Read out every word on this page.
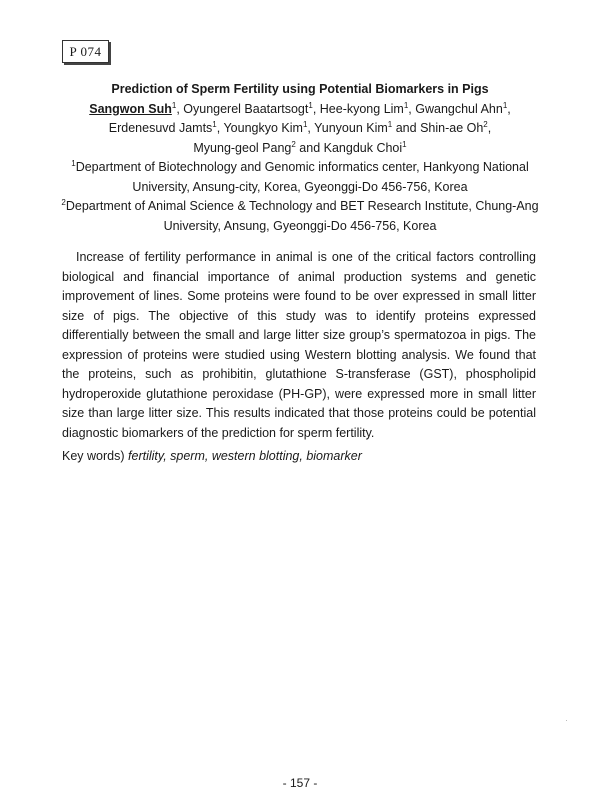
P 074
Prediction of Sperm Fertility using Potential Biomarkers in Pigs
Sangwon Suh$^1$, Oyungerel Baatartsogt$^1$, Hee-kyong Lim$^1$, Gwangchul Ahn$^1$,
Erdenesuvd Jamts$^1$, Youngkyo Kim$^1$, Yunyoun Kim$^1$ and Shin-ae Oh$^2$,
Myung-geol Pang$^2$ and Kangduk Choi$^1$
$^1$Department of Biotechnology and Genomic informatics center, Hankyong National
University, Ansung-city, Korea, Gyeonggi-Do 456-756, Korea
$^2$Department of Animal Science & Technology and BET Research Institute, Chung-Ang
University, Ansung, Gyeonggi-Do 456-756, Korea

Increase of fertility performance in animal is one of the critical factors controlling biological and financial importance of animal production systems and genetic improvement of lines. Some proteins were found to be over expressed in small litter size of pigs. The objective of this study was to identify proteins expressed differentially between the small and large litter size group’s spermatozoa in pigs. The expression of proteins were studied using Western blotting analysis. We found that the proteins, such as prohibitin, glutathione S-transferase (GST), phospholipid hydroperoxide glutathione peroxidase (PH-GP), were expressed more in small litter size than large litter size. This results indicated that those proteins could be potential diagnostic biomarkers of the prediction for sperm fertility.

Key words) fertility, sperm, western blotting, biomarker

- 157 -
